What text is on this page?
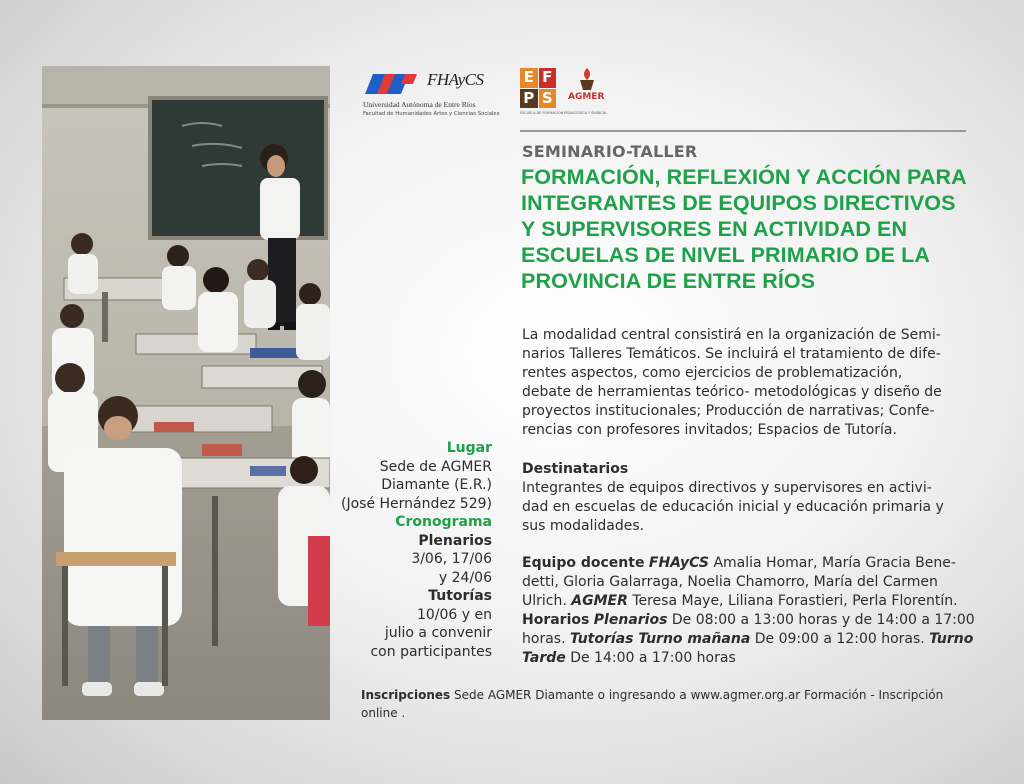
FHAyCS
Universidad Autónoma de Entre Ríos
Facultad de Humanidades Artes y Ciencias Sociales
E F
P S	AGMER
ESCUELA DE FORMACIÓN PEDAGÓGICA Y SINDICAL
SEMINARIO-TALLER
FORMACIÓN, REFLEXIÓN Y ACCIÓN PARA
INTEGRANTES DE EQUIPOS DIRECTIVOS
Y SUPERVISORES EN ACTIVIDAD EN
ESCUELAS DE NIVEL PRIMARIO DE LA
PROVINCIA DE ENTRE RÍOS
La modalidad central consistirá en la organización de Semi-
narios Talleres Temáticos. Se incluirá el tratamiento de dife-
rentes aspectos, como ejercicios de problematización,
debate de herramientas teórico- metodológicas y diseño de
proyectos institucionales; Producción de narrativas; Confe-
rencias con profesores invitados; Espacios de Tutoría.
Destinatarios
Integrantes de equipos directivos y supervisores en activi-
dad en escuelas de educación inicial y educación primaria y
sus modalidades.
Equipo docente FHAyCS Amalia Homar, María Gracia Bene-
detti, Gloria Galarraga, Noelia Chamorro, María del Carmen
Ulrich. AGMER Teresa Maye, Liliana Forastieri, Perla Florentín.
Horarios Plenarios De 08:00 a 13:00 horas y de 14:00 a 17:00
horas. Tutorías Turno mañana De 09:00 a 12:00 horas. Turno
Tarde De 14:00 a 17:00 horas
Lugar
Sede de AGMER
Diamante (E.R.)
(José Hernández 529)
Cronograma
Plenarios
3/06, 17/06
y 24/06
Tutorías
10/06 y en
julio a convenir
con participantes
Inscripciones Sede AGMER Diamante o ingresando a www.agmer.org.ar Formación - Inscripción
online .
